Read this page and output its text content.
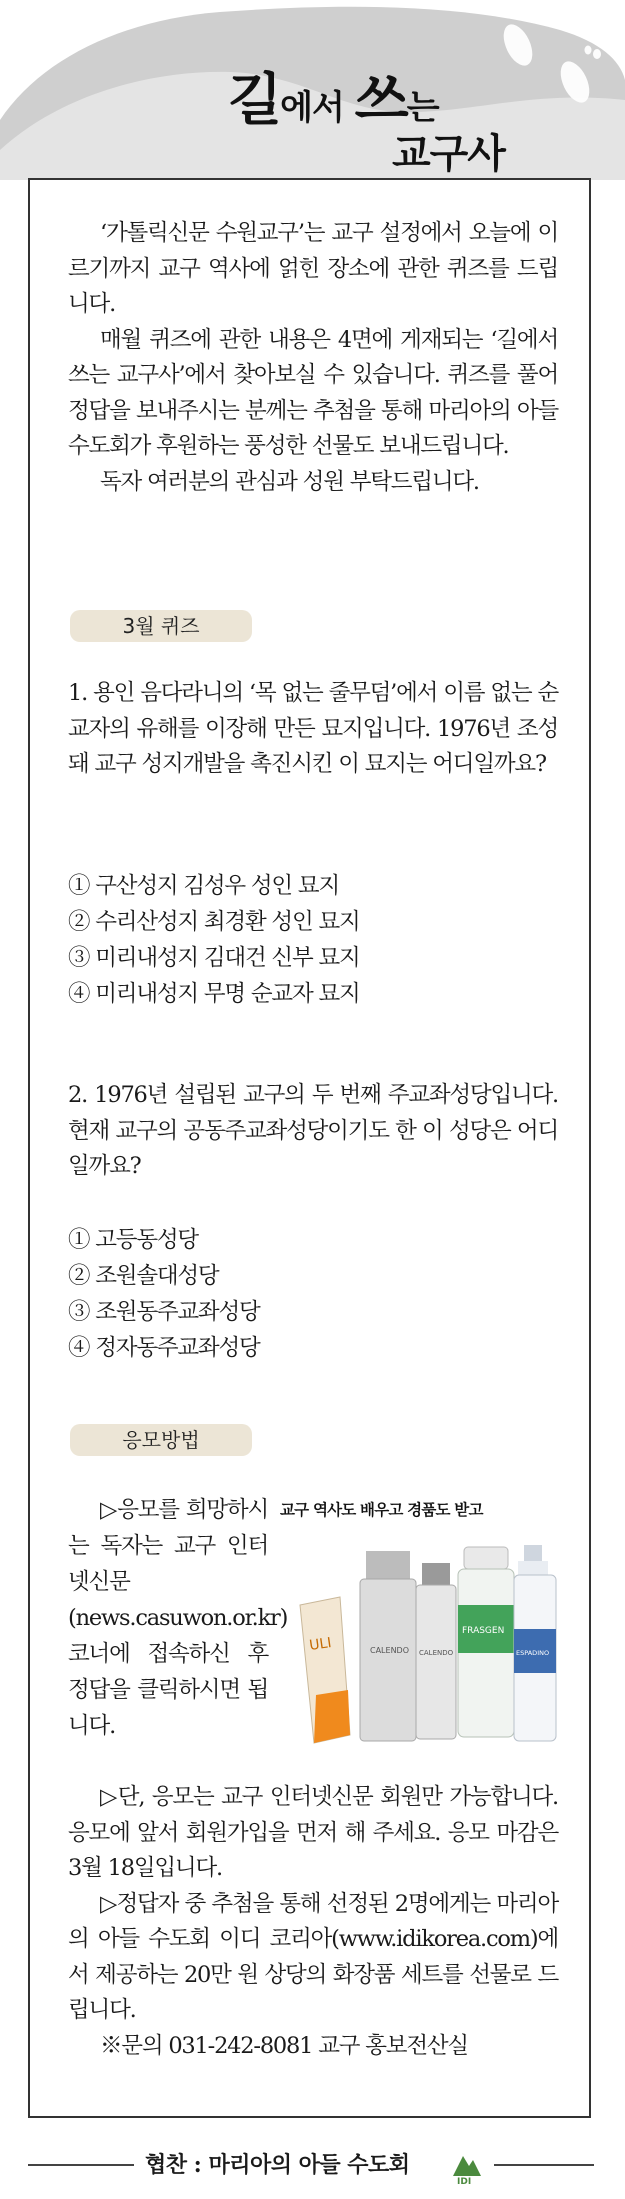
길에서 쓰는
교구사

‘가톨릭신문 수원교구’는 교구 설정에서 오늘에 이르기까지 교구 역사에 얽힌 장소에 관한 퀴즈를 드립니다.

매월 퀴즈에 관한 내용은 4면에 게재되는 ‘길에서 쓰는 교구사’에서 찾아보실 수 있습니다. 퀴즈를 풀어 정답을 보내주시는 분께는 추첨을 통해 마리아의 아들 수도회가 후원하는 풍성한 선물도 보내드립니다.

독자 여러분의 관심과 성원 부탁드립니다.

3월 퀴즈
1. 용인 음다라니의 ‘목 없는 줄무덤’에서 이름 없는 순교자의 유해를 이장해 만든 묘지입니다. 1976년 조성돼 교구 성지개발을 촉진시킨 이 묘지는 어디일까요?
① 구산성지 김성우 성인 묘지
② 수리산성지 최경환 성인 묘지
③ 미리내성지 김대건 신부 묘지
④ 미리내성지 무명 순교자 묘지
2. 1976년 설립된 교구의 두 번째 주교좌성당입니다. 현재 교구의 공동주교좌성당이기도 한 이 성당은 어디일까요?
① 고등동성당
② 조원솔대성당
③ 조원동주교좌성당
④ 정자동주교좌성당
응모방법
교구 역사도 배우고 경품도 받고

▷응모를 희망하시는 독자는 교구 인터넷신문(news.casuwon.or.kr) 코너에 접속하신 후 정답을 클릭하시면 됩니다.

ULI	CALENDO CALENDO
FRASGEN
ESPADINO

▷단, 응모는 교구 인터넷신문 회원만 가능합니다. 응모에 앞서 회원가입을 먼저 해 주세요. 응모 마감은 3월 18일입니다.

▷정답자 중 추첨을 통해 선정된 2명에게는 마리아의 아들 수도회 이디 코리아(www.idikorea.com)에서 제공하는 20만 원 상당의 화장품 세트를 선물로 드립니다.

※문의 031-242-8081 교구 홍보전산실

협찬 : 마리아의 아들 수도회
IDI
